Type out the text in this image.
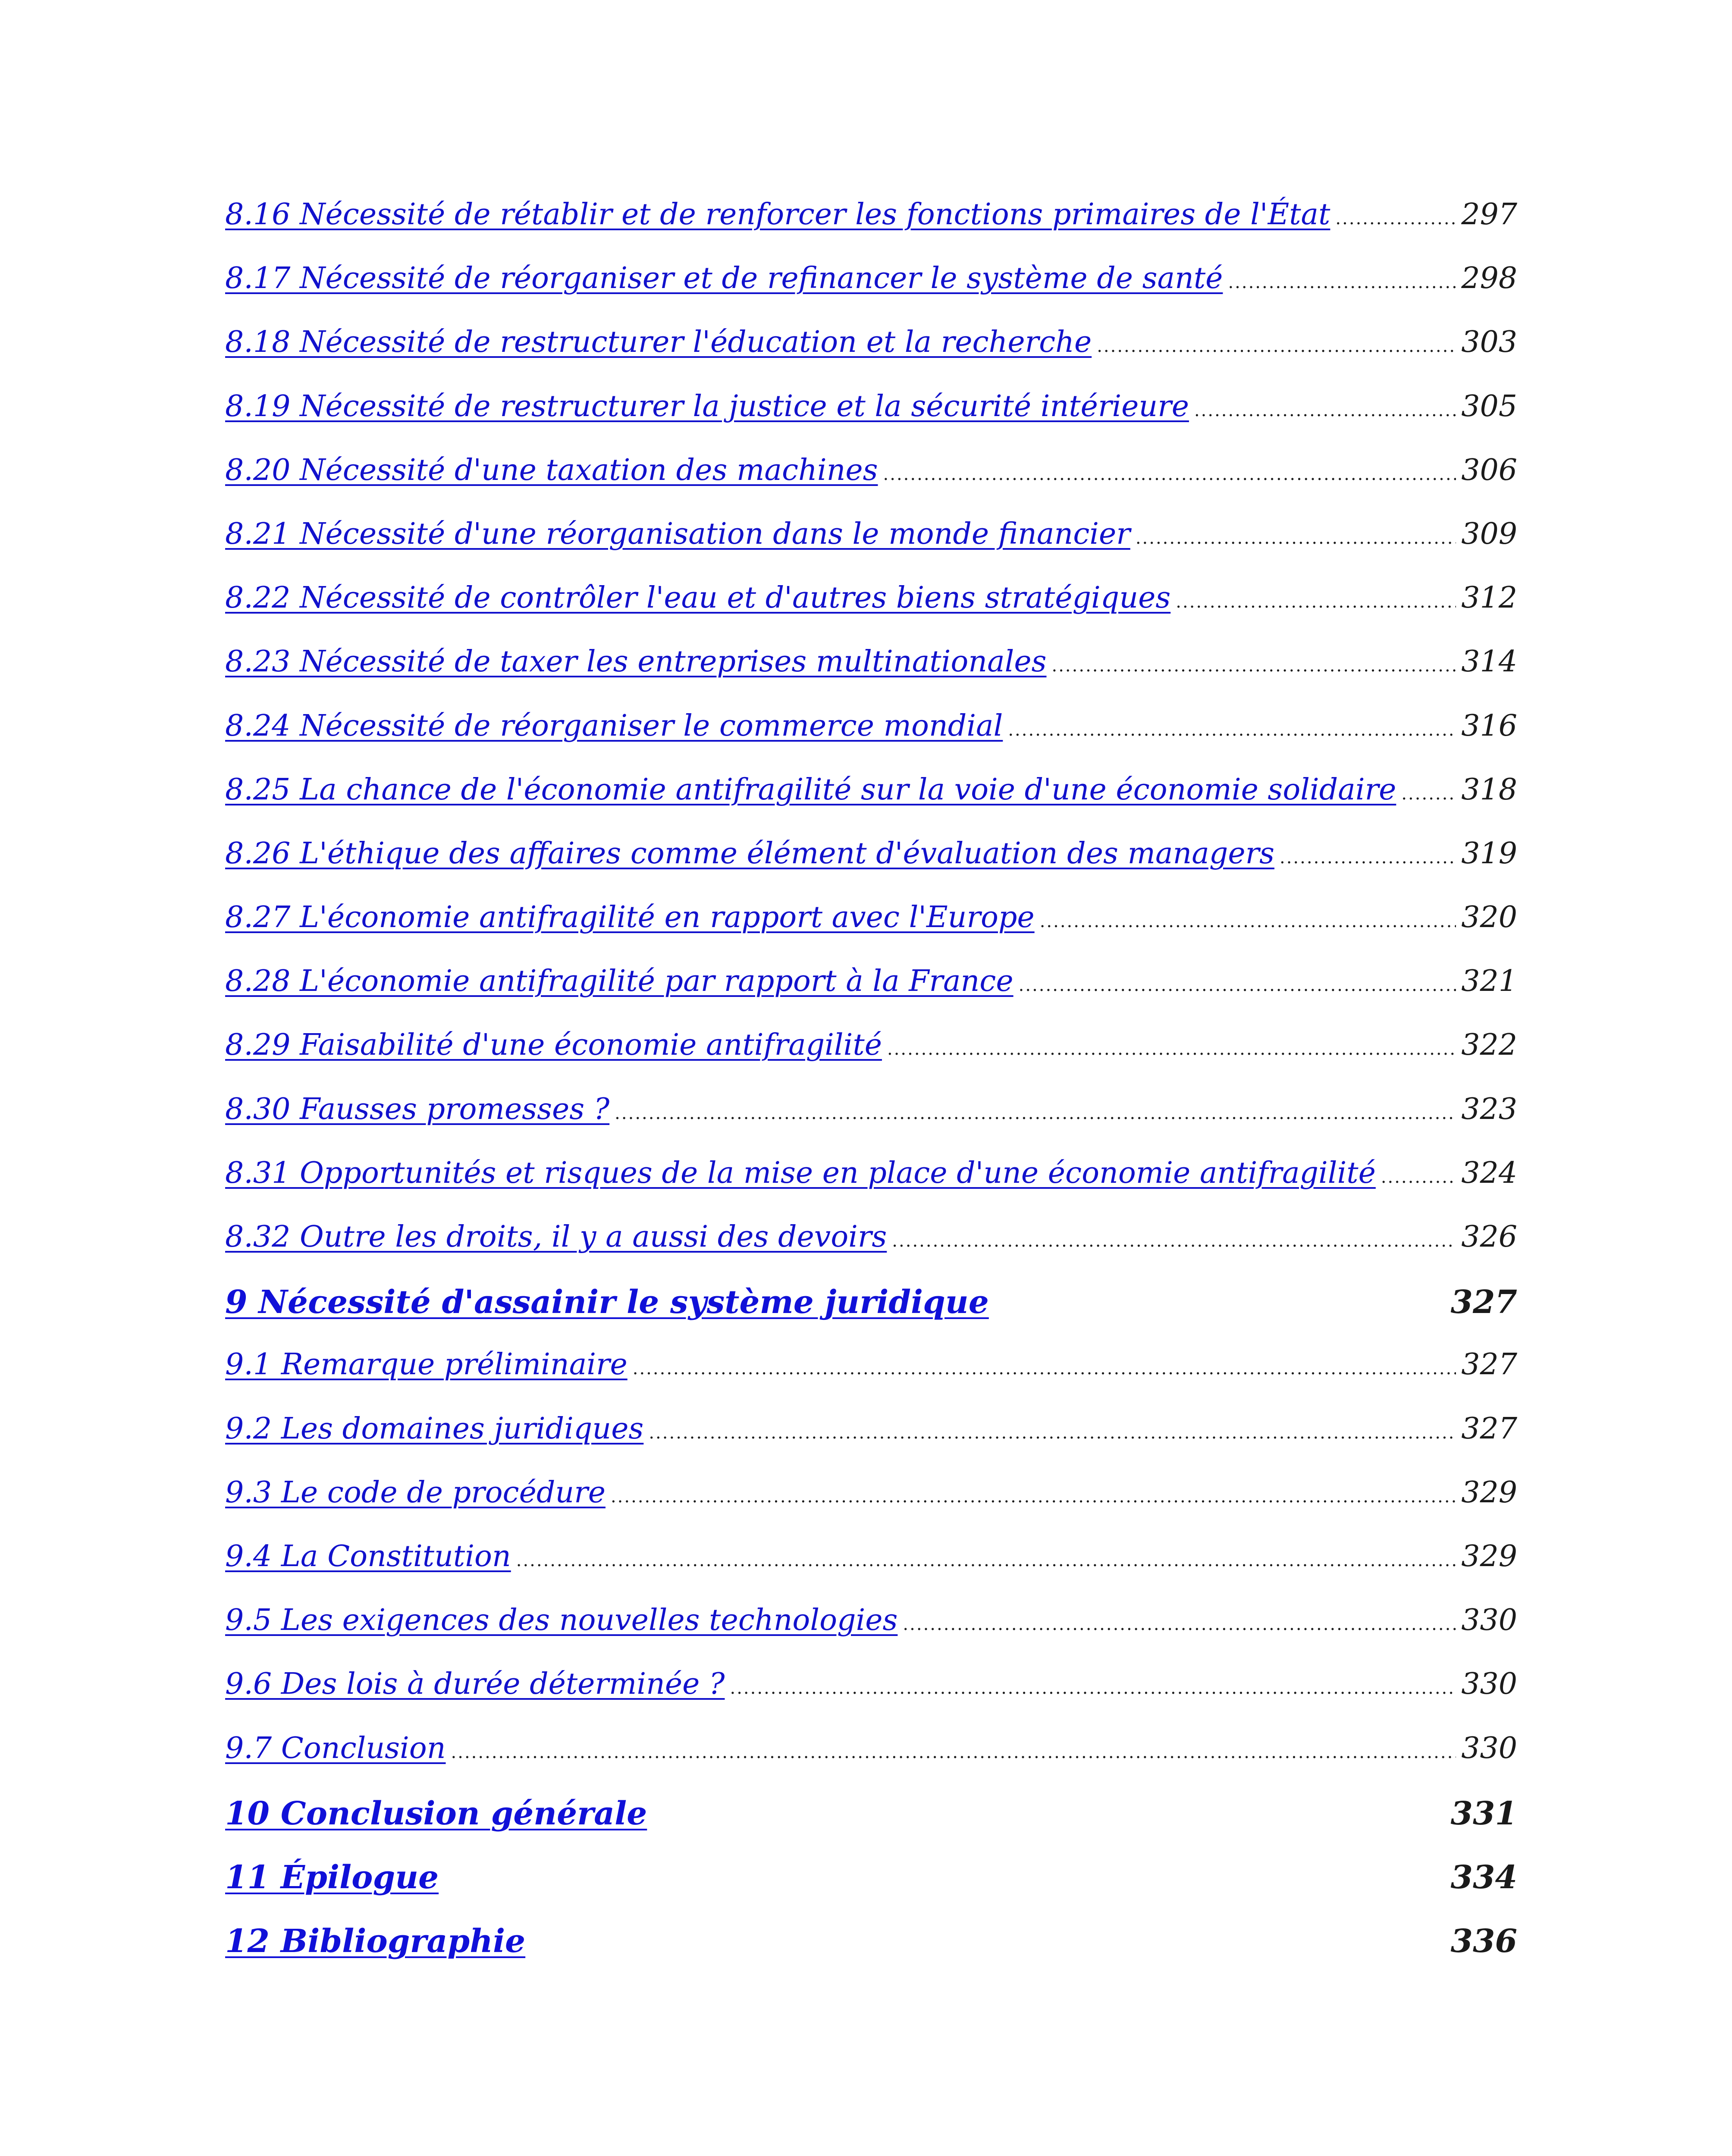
8.16 Nécessité de rétablir et de renforcer les fonctions primaires de l'État .....	297
8.17 Nécessité de réorganiser et de refinancer le système de santé .....	298
8.18 Nécessité de restructurer l'éducation et la recherche .....	303
8.19 Nécessité de restructurer la justice et la sécurité intérieure .....	305
8.20 Nécessité d'une taxation des machines .....	306
8.21 Nécessité d'une réorganisation dans le monde financier .....	309
8.22 Nécessité de contrôler l'eau et d'autres biens stratégiques .....	312
8.23 Nécessité de taxer les entreprises multinationales .....	314
8.24 Nécessité de réorganiser le commerce mondial .....	316
8.25 La chance de l'économie antifragilité sur la voie d'une économie solidaire ..... 318
8.26 L'éthique des affaires comme élément d'évaluation des managers .....	319
8.27 L'économie antifragilité en rapport avec l'Europe .....	320
8.28 L'économie antifragilité par rapport à la France .....	321
8.29 Faisabilité d'une économie antifragilité .....	322
8.30 Fausses promesses ? .....	323
8.31 Opportunités et risques de la mise en place d'une économie antifragilité .....	324
8.32 Outre les droits, il y a aussi des devoirs .....	326
9 Nécessité d'assainir le système juridique	327
9.1 Remarque préliminaire .....	327
9.2 Les domaines juridiques .....	327
9.3 Le code de procédure .....	329
9.4 La Constitution .....	329
9.5 Les exigences des nouvelles technologies .....	330
9.6 Des lois à durée déterminée ? .....	330
9.7 Conclusion .....	330
10 Conclusion générale	331
11 Épilogue	334
12 Bibliographie	336
